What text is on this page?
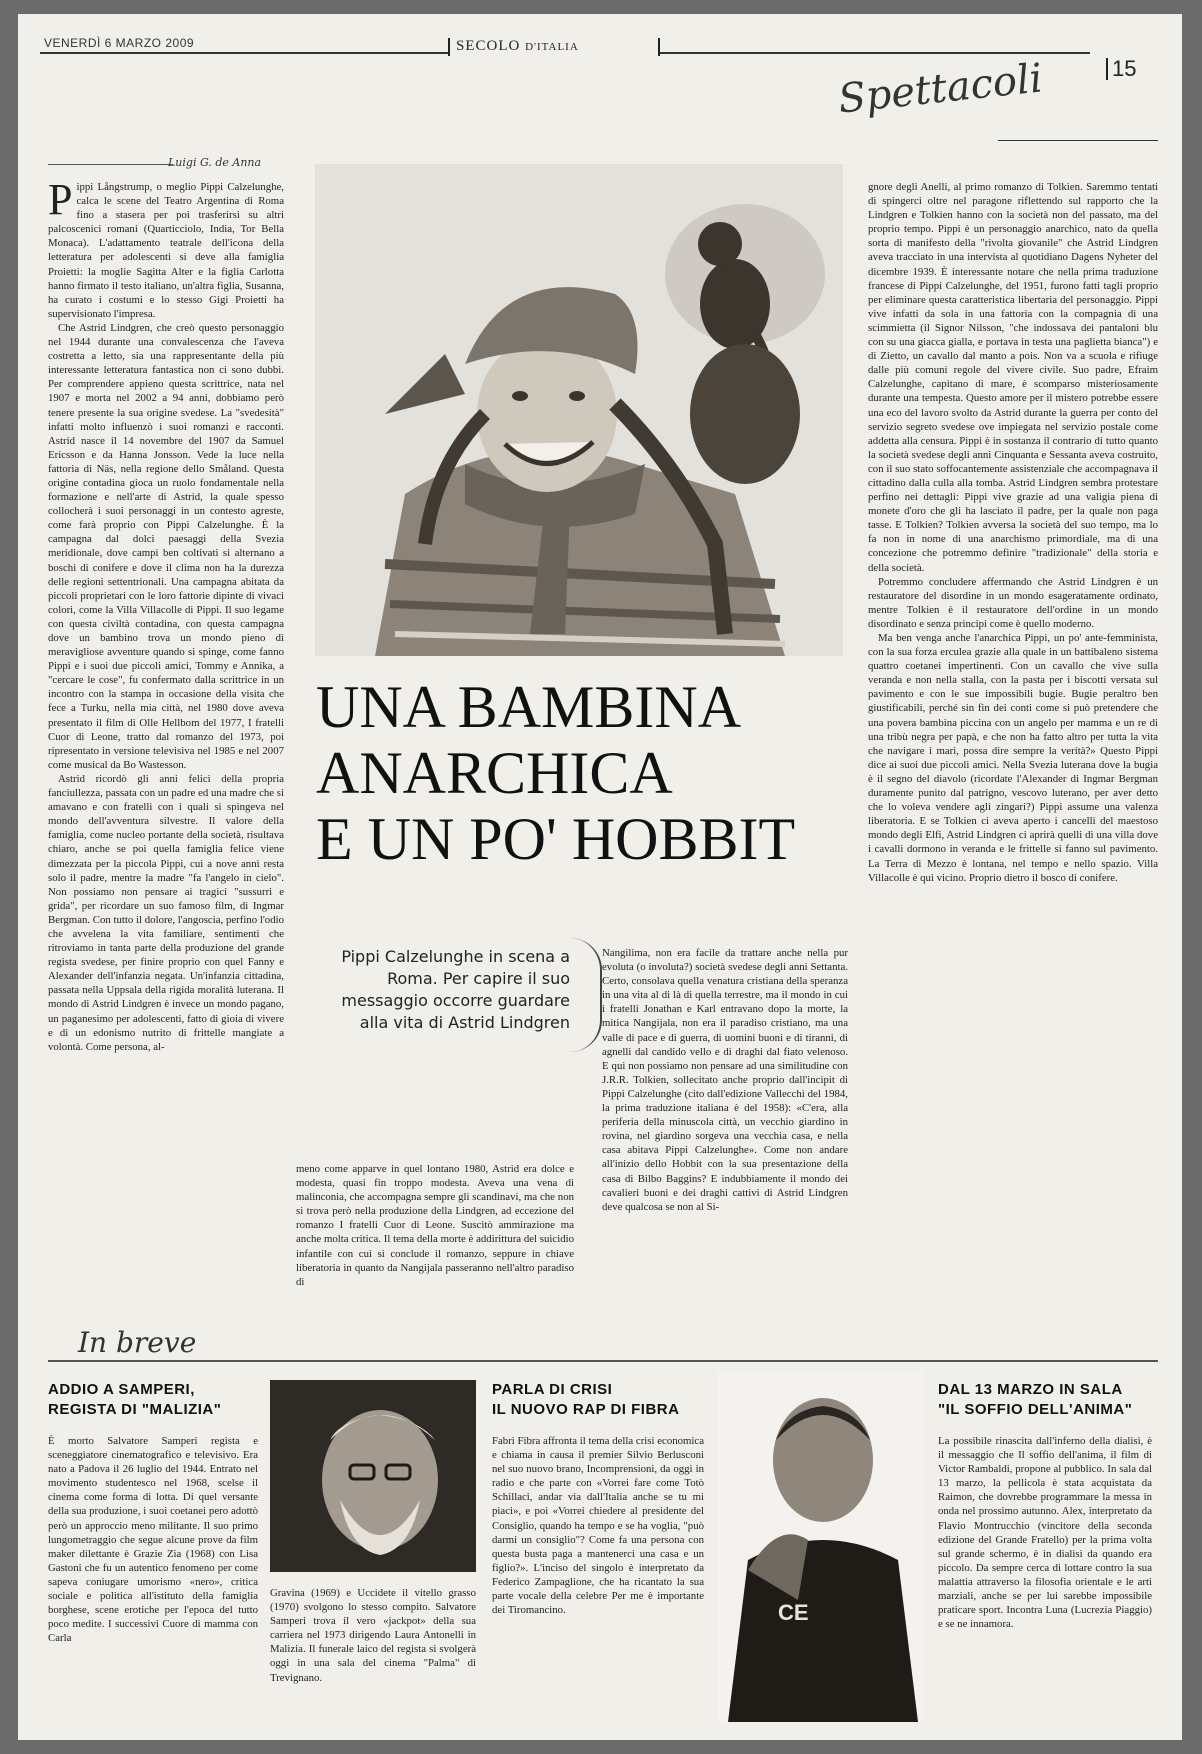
VENERDÌ 6 MARZO 2009	SECOLO D'ITALIA
15
Spettacoli
Luigi G. de Anna

Pippi Långstrump, o meglio Pippi Calzelunghe, calca le scene del Teatro Argentina di Roma fino a stasera per poi trasferirsi su altri palcoscenici romani (Quarticciolo, India, Tor Bella Monaca). L'adattamento teatrale dell'icona della letteratura per adolescenti si deve alla famiglia Proietti: la moglie Sagitta Alter e la figlia Carlotta hanno firmato il testo italiano, un'altra figlia, Susanna, ha curato i costumi e lo stesso Gigi Proietti ha supervisionato l'impresa.

Che Astrid Lindgren, che creò questo personaggio nel 1944 durante una convalescenza che l'aveva costretta a letto, sia una rappresentante della più interessante letteratura fantastica non ci sono dubbi. Per comprendere appieno questa scrittrice, nata nel 1907 e morta nel 2002 a 94 anni, dobbiamo però tenere presente la sua origine svedese. La "svedesità" infatti molto influenzò i suoi romanzi e racconti. Astrid nasce il 14 novembre del 1907 da Samuel Ericsson e da Hanna Jonsson. Vede la luce nella fattoria di Näs, nella regione dello Småland. Questa origine contadina gioca un ruolo fondamentale nella formazione e nell'arte di Astrid, la quale spesso collocherà i suoi personaggi in un contesto agreste, come farà proprio con Pippi Calzelunghe. È la campagna dal dolci paesaggi della Svezia meridionale, dove campi ben coltivati si alternano a boschi di conifere e dove il clima non ha la durezza delle regioni settentrionali. Una campagna abitata da piccoli proprietari con le loro fattorie dipinte di vivaci colori, come la Villa Villacolle di Pippi. Il suo legame con questa civiltà contadina, con questa campagna dove un bambino trova un mondo pieno di meravigliose avventure quando si spinge, come fanno Pippi e i suoi due piccoli amici, Tommy e Annika, a "cercare le cose", fu confermato dalla scrittrice in un incontro con la stampa in occasione della visita che fece a Turku, nella mia città, nel 1980 dove aveva presentato il film di Olle Hellbom del 1977, I fratelli Cuor di Leone, tratto dal romanzo del 1973, poi ripresentato in versione televisiva nel 1985 e nel 2007 come musical da Bo Wastesson.

Astrid ricordò gli anni felici della propria fanciullezza, passata con un padre ed una madre che si amavano e con fratelli con i quali si spingeva nel mondo dell'avventura silvestre. Il valore della famiglia, come nucleo portante della società, risultava chiaro, anche se poi quella famiglia felice viene dimezzata per la piccola Pippi, cui a nove anni resta solo il padre, mentre la madre "fa l'angelo in cielo". Non possiamo non pensare ai tragici "sussurri e grida", per ricordare un suo famoso film, di Ingmar Bergman. Con tutto il dolore, l'angoscia, perfino l'odio che avvelena la vita familiare, sentimenti che ritroviamo in tanta parte della produzione del grande regista svedese, per finire proprio con quel Fanny e Alexander dell'infanzia negata. Un'infanzia cittadina, passata nella Uppsala della rigida moralità luterana. Il mondo di Astrid Lindgren è invece un mondo pagano, un paganesimo per adolescenti, fatto di gioia di vivere e di un edonismo nutrito di frittelle mangiate a volontà. Come persona, al-

UNA BAMBINA
ANARCHICA
E UN PO' HOBBIT
Pippi Calzelunghe in scena a Roma. Per capire il suo messaggio occorre guardare alla vita di Astrid Lindgren

meno come apparve in quel lontano 1980, Astrid era dolce e modesta, quasi fin troppo modesta. Aveva una vena di malinconia, che accompagna sempre gli scandinavi, ma che non si trova però nella produzione della Lindgren, ad eccezione del romanzo I fratelli Cuor di Leone. Suscitò ammirazione ma anche molta critica. Il tema della morte è addirittura del suicidio infantile con cui si conclude il romanzo, seppure in chiave liberatoria in quanto da Nangijala passeranno nell'altro paradiso di

Nangilima, non era facile da trattare anche nella pur evoluta (o involuta?) società svedese degli anni Settanta. Certo, consolava quella venatura cristiana della speranza in una vita al di là di quella terrestre, ma il mondo in cui i fratelli Jonathan e Karl entravano dopo la morte, la mitica Nangijala, non era il paradiso cristiano, ma una valle di pace e di guerra, di uomini buoni e di tiranni, di agnelli dal candido vello e di draghi dal fiato velenoso. E qui non possiamo non pensare ad una similitudine con J.R.R. Tolkien, sollecitato anche proprio dall'incipit di Pippi Calzelunghe (cito dall'edizione Vallecchi del 1984, la prima traduzione italiana è del 1958): «C'era, alla periferia della minuscola città, un vecchio giardino in rovina, nel giardino sorgeva una vecchia casa, e nella casa abitava Pippi Calzelunghe». Come non andare all'inizio dello Hobbit con la sua presentazione della casa di Bilbo Baggins? E indubbiamente il mondo dei cavalieri buoni e dei draghi cattivi di Astrid Lindgren deve qualcosa se non al Si-

gnore degli Anelli, al primo romanzo di Tolkien. Saremmo tentati di spingerci oltre nel paragone riflettendo sul rapporto che la Lindgren e Tolkien hanno con la società non del passato, ma del proprio tempo. Pippi è un personaggio anarchico, nato da quella sorta di manifesto della "rivolta giovanile" che Astrid Lindgren aveva tracciato in una intervista al quotidiano Dagens Nyheter del dicembre 1939. È interessante notare che nella prima traduzione francese di Pippi Calzelunghe, del 1951, furono fatti tagli proprio per eliminare questa caratteristica libertaria del personaggio. Pippi vive infatti da sola in una fattoria con la compagnia di una scimmietta (il Signor Nilsson, "che indossava dei pantaloni blu con su una giacca gialla, e portava in testa una paglietta bianca") e di Zietto, un cavallo dal manto a pois. Non va a scuola e rifiuge dalle più comuni regole del vivere civile. Suo padre, Efraim Calzelunghe, capitano di mare, è scomparso misteriosamente durante una tempesta. Questo amore per il mistero potrebbe essere una eco del lavoro svolto da Astrid durante la guerra per conto del servizio segreto svedese ove impiegata nel servizio postale come addetta alla censura. Pippi è in sostanza il contrario di tutto quanto la società svedese degli anni Cinquanta e Sessanta aveva costruito, con il suo stato soffocantemente assistenziale che accompagnava il cittadino dalla culla alla tomba. Astrid Lindgren sembra protestare perfino nei dettagli: Pippi vive grazie ad una valigia piena di monete d'oro che gli ha lasciato il padre, per la quale non paga tasse. E Tolkien? Tolkien avversa la società del suo tempo, ma lo fa non in nome di una anarchismo primordiale, ma di una concezione che potremmo definire "tradizionale" della storia e della società.

Potremmo concludere affermando che Astrid Lindgren è un restauratore del disordine in un mondo esageratamente ordinato, mentre Tolkien è il restauratore dell'ordine in un mondo disordinato e senza principi come è quello moderno.

Ma ben venga anche l'anarchica Pippi, un po' ante-femminista, con la sua forza erculea grazie alla quale in un battibaleno sistema quattro coetanei impertinenti. Con un cavallo che vive sulla veranda e non nella stalla, con la pasta per i biscotti versata sul pavimento e con le sue impossibili bugie. Bugie peraltro ben giustificabili, perché sin fin dei conti come si può pretendere che una povera bambina piccina con un angelo per mamma e un re di una tribù negra per papà, e che non ha fatto altro per tutta la vita che navigare i mari, possa dire sempre la verità?» Questo Pippi dice ai suoi due piccoli amici. Nella Svezia luterana dove la bugia è il segno del diavolo (ricordate l'Alexander di Ingmar Bergman duramente punito dal patrigno, vescovo luterano, per aver detto che lo voleva vendere agli zingari?) Pippi assume una valenza liberatoria. E se Tolkien ci aveva aperto i cancelli del maestoso mondo degli Elfi, Astrid Lindgren ci aprirà quelli di una villa dove i cavalli dormono in veranda e le frittelle si fanno sul pavimento. La Terra di Mezzo è lontana, nel tempo e nello spazio. Villa Villacolle è qui vicino. Proprio dietro il bosco di conifere.

In breve
ADDIO A SAMPERI,
REGISTA DI "MALIZIA"

È morto Salvatore Samperi regista e sceneggiatore cinematografico e televisivo. Era nato a Padova il 26 luglio del 1944. Entrato nel movimento studentesco nel 1968, scelse il cinema come forma di lotta. Di quel versante della sua produzione, i suoi coetanei pero adottò però un approccio meno militante. Il suo primo lungometraggio che segue alcune prove da film maker dilettante è Grazie Zia (1968) con Lisa Gastoni che fu un autentico fenomeno per come sapeva coniugare umorismo «nero», critica sociale e politica all'istituto della famiglia borghese, scene erotiche per l'epoca del tutto poco medite. I successivi Cuore di mamma con Carla

Gravina (1969) e Uccidete il vitello grasso (1970) svolgono lo stesso compito. Salvatore Samperi trova il vero «jackpot» della sua carriera nel 1973 dirigendo Laura Antonelli in Malizia. Il funerale laico del regista si svolgerà oggi in una sala del cinema "Palma" di Trevignano.

PARLA DI CRISI
IL NUOVO RAP DI FIBRA

Fabri Fibra affronta il tema della crisi economica e chiama in causa il premier Silvio Berlusconi nel suo nuovo brano, Incomprensioni, da oggi in radio e che parte con «Vorrei fare come Totò Schillaci, andar via dall'Italia anche se tu mi piaci», e poi «Vorrei chiedere al presidente del Consiglio, quando ha tempo e se ha voglia, "può darmi un consiglio"? Come fa una persona con questa busta paga a mantenerci una casa e un figlio?». L'inciso del singolo è interpretato da Federico Zampaglione, che ha ricantato la sua parte vocale della celebre Per me è importante dei Tiromancino.	CE
DAL 13 MARZO IN SALA
"IL SOFFIO DELL'ANIMA"

La possibile rinascita dall'inferno della dialisi, è il messaggio che Il soffio dell'anima, il film di Victor Rambaldi, propone al pubblico. In sala dal 13 marzo, la pellicola è stata acquistata da Raimon, che dovrebbe programmare la messa in onda nel prossimo autunno. Alex, interpretato da Flavio Montrucchio (vincitore della seconda edizione del Grande Fratello) per la prima volta sul grande schermo, è in dialisi da quando era piccolo. Da sempre cerca di lottare contro la sua malattia attraverso la filosofia orientale e le arti marziali, anche se per lui sarebbe impossibile praticare sport. Incontra Luna (Lucrezia Piaggio) e se ne innamora.
